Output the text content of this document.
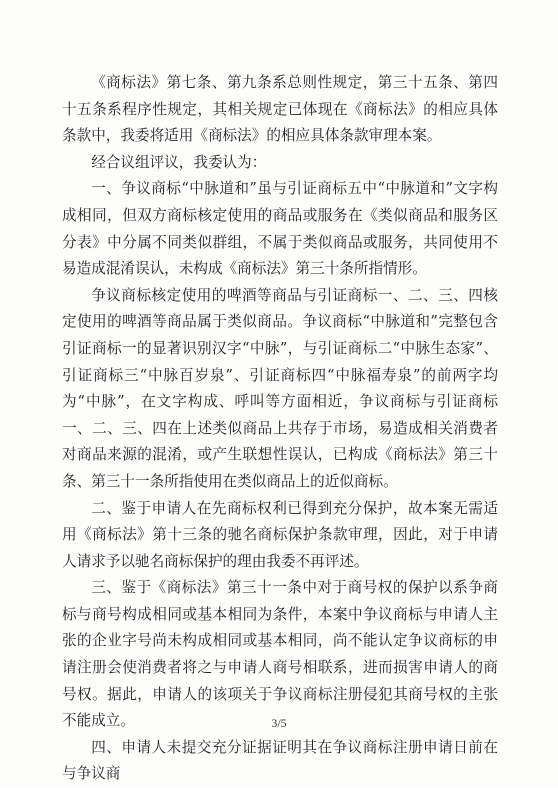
《商标法》第七条、第九条系总则性规定，第三十五条、第四十五条系程序性规定，其相关规定已体现在《商标法》的相应具体条款中，我委将适用《商标法》的相应具体条款审理本案。

经合议组评议，我委认为：

一、争议商标“中脉道和”虽与引证商标五中“中脉道和”文字构成相同，但双方商标核定使用的商品或服务在《类似商品和服务区分表》中分属不同类似群组，不属于类似商品或服务，共同使用不易造成混淆误认，未构成《商标法》第三十条所指情形。

争议商标核定使用的啤酒等商品与引证商标一、二、三、四核定使用的啤酒等商品属于类似商品。争议商标“中脉道和”完整包含引证商标一的显著识别汉字“中脉”，与引证商标二“中脉生态家”、引证商标三“中脉百岁泉”、引证商标四“中脉福寿泉”的前两字均为“中脉”，在文字构成、呼叫等方面相近，争议商标与引证商标一、二、三、四在上述类似商品上共存于市场，易造成相关消费者对商品来源的混淆，或产生联想性误认，已构成《商标法》第三十条、第三十一条所指使用在类似商品上的近似商标。

二、鉴于申请人在先商标权利已得到充分保护，故本案无需适用《商标法》第十三条的驰名商标保护条款审理，因此，对于申请人请求予以驰名商标保护的理由我委不再评述。

三、鉴于《商标法》第三十一条中对于商号权的保护以系争商标与商号构成相同或基本相同为条件，本案中争议商标与申请人主张的企业字号尚未构成相同或基本相同，尚不能认定争议商标的申请注册会使消费者将之与申请人商号相联系，进而损害申请人的商号权。据此，申请人的该项关于争议商标注册侵犯其商号权的主张不能成立。

四、申请人未提交充分证据证明其在争议商标注册申请日前在与争议商

3/5
